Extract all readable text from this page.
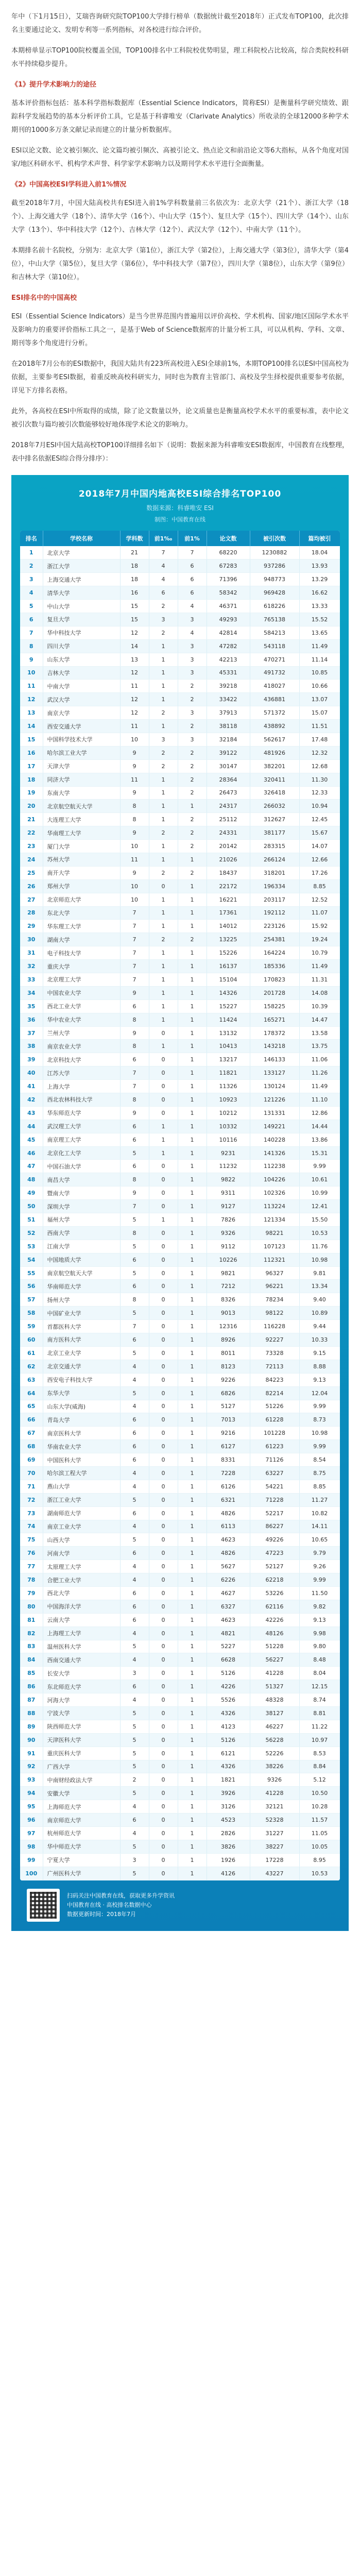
年中（下1月15日），艾瑞咨询研究院TOP100大学排行榜单（数据统计截至2018年）正式发布TOP100，此次排名主要通过论文、发明专利等一系列指标，对各校进行综合评价。

本期榜单显示TOP100院校覆盖全国，TOP100排名中工科院校优势明显，理工科院校占比较高，综合类院校科研水平持续稳步提升。

《1》提升学术影响力的途径

基本评价指标包括：基本科学指标数据库（Essential Science Indicators，简称ESI）是衡量科学研究绩效、跟踪科学发展趋势的基本分析评价工具，它是基于科睿唯安（Clarivate Analytics）所收录的全球12000多种学术期刊的1000多万条文献记录而建立的计量分析数据库。

ESI以论文数、论文被引频次、论文篇均被引频次、高被引论文、热点论文和前沿论文等6大指标，从各个角度对国家/地区科研水平、机构学术声誉、科学家学术影响力以及期刊学术水平进行全面衡量。

《2》中国高校ESI学科进入前1%情况

截至2018年7月，中国大陆高校共有ESI进入前1%学科数量前三名依次为：北京大学（21个）、浙江大学（18个）、上海交通大学（18个）、清华大学（16个）、中山大学（15个）、复旦大学（15个）、四川大学（14个）、山东大学（13个）、华中科技大学（12个）、吉林大学（12个）、武汉大学（12个）、中南大学（11个）。

本期排名前十名院校，分别为：北京大学（第1位），浙江大学（第2位），上海交通大学（第3位），清华大学（第4位），中山大学（第5位），复旦大学（第6位），华中科技大学（第7位），四川大学（第8位），山东大学（第9位）和吉林大学（第10位）。

ESI排名中的中国高校

ESI（Essential Science Indicators）是当今世界范围内普遍用以评价高校、学术机构、国家/地区国际学术水平及影响力的重要评价指标工具之一，是基于Web of Science数据库的计量分析工具，可以从机构、学科、文章、期刊等多个角度进行分析。

在2018年7月公布的ESI数据中，我国大陆共有223所高校进入ESI全球前1%，本期TOP100排名以ESI中国高校为依据，主要参考ESI数据，着重反映高校科研实力，同时也为教育主管部门、高校及学生择校提供重要参考依据，详见下方排名表格。

此外，各高校在ESI中所取得的成绩，除了论文数量以外，论文质量也是衡量高校学术水平的重要标准，表中论文被引次数与篇均被引次数能够较好地体现学术论文的影响力。

2018年7月ESI中国大陆高校TOP100详细排名如下（说明：数据来源为科睿唯安ESI数据库，中国教育在线整理，表中排名依据ESI综合得分排序）：

2018年7月中国内地高校ESI综合排名TOP100
数据来源：科睿唯安 ESI
制图：中国教育在线
排名	学校名称	学科数	前1‰	前1%	论文数	被引次数	篇均被引
1	北京大学	21	7	7	68220	1230882	18.04
2	浙江大学	18	4	6	67283	937286	13.93
3	上海交通大学	18	4	6	71396	948773	13.29
4	清华大学	16	6	6	58342	969428	16.62
5	中山大学	15	2	4	46371	618226	13.33
6	复旦大学	15	3	3	49293	765138	15.52
7	华中科技大学	12	2	4	42814	584213	13.65
8	四川大学	14	1	3	47282	543118	11.49
9	山东大学	13	1	3	42213	470271	11.14
10	吉林大学	12	1	3	45331	491732	10.85
11	中南大学	11	1	2	39218	418027	10.66
12	武汉大学	12	1	2	33422	436881	13.07
13	南京大学	12	2	3	37913	571372	15.07
14	西安交通大学	11	1	2	38118	438892	11.51
15	中国科学技术大学	10	3	3	32184	562617	17.48
16	哈尔滨工业大学	9	2	2	39122	481926	12.32
17	天津大学	9	2	2	30147	382201	12.68
18	同济大学	11	1	2	28364	320411	11.30
19	东南大学	9	1	2	26473	326418	12.33
20	北京航空航天大学	8	1	1	24317	266032	10.94
21	大连理工大学	8	1	2	25112	312627	12.45
22	华南理工大学	9	2	2	24331	381177	15.67
23	厦门大学	10	1	2	20142	283315	14.07
24	苏州大学	11	1	1	21026	266124	12.66
25	南开大学	9	2	2	18437	318201	17.26
26	郑州大学	10	0	1	22172	196334	8.85
27	北京师范大学	10	1	1	16221	203117	12.52
28	东北大学	7	1	1	17361	192112	11.07
29	华东理工大学	7	1	1	14012	223126	15.92
30	湖南大学	7	2	2	13225	254381	19.24
31	电子科技大学	7	1	1	15226	164224	10.79
32	重庆大学	7	1	1	16137	185336	11.49
33	北京理工大学	7	1	1	15104	170823	11.31
34	中国农业大学	9	1	1	14326	201728	14.08
35	西北工业大学	6	1	1	15227	158225	10.39
36	华中农业大学	8	1	1	11424	165271	14.47
37	兰州大学	9	0	1	13132	178372	13.58
38	南京农业大学	8	1	1	10413	143218	13.75
39	北京科技大学	6	0	1	13217	146133	11.06
40	江苏大学	7	0	1	11821	133127	11.26
41	上海大学	7	0	1	11326	130124	11.49
42	西北农林科技大学	8	0	1	10923	121226	11.10
43	华东师范大学	9	0	1	10212	131331	12.86
44	武汉理工大学	6	1	1	10332	149221	14.44
45	南京理工大学	6	1	1	10116	140228	13.86
46	北京化工大学	5	1	1	9231	141326	15.31
47	中国石油大学	6	0	1	11232	112238	9.99
48	南昌大学	8	0	1	9822	104226	10.61
49	暨南大学	9	0	1	9311	102326	10.99
50	深圳大学	7	0	1	9127	113224	12.41
51	福州大学	5	1	1	7826	121334	15.50
52	西南大学	8	0	1	9326	98221	10.53
53	江南大学	5	0	1	9112	107123	11.76
54	中国地质大学	6	0	1	10226	112321	10.98
55	南京航空航天大学	5	0	1	9821	96327	9.81
56	华南师范大学	6	0	1	7212	96221	13.34
57	扬州大学	8	0	1	8326	78234	9.40
58	中国矿业大学	5	0	1	9013	98122	10.89
59	首都医科大学	7	0	1	12316	116228	9.44
60	南方医科大学	6	0	1	8926	92227	10.33
61	北京工业大学	5	0	1	8011	73328	9.15
62	北京交通大学	4	0	1	8123	72113	8.88
63	西安电子科技大学	4	0	1	9226	84223	9.13
64	东华大学	5	0	1	6826	82214	12.04
65	山东大学(威海)	4	0	1	5127	51226	9.99
66	青岛大学	6	0	1	7013	61228	8.73
67	南京医科大学	6	0	1	9216	101228	10.98
68	华南农业大学	6	0	1	6127	61223	9.99
69	中国医科大学	6	0	1	8331	71126	8.54
70	哈尔滨工程大学	4	0	1	7228	63227	8.75
71	燕山大学	4	0	1	6126	54221	8.85
72	浙江工业大学	5	0	1	6321	71228	11.27
73	湖南师范大学	6	0	1	4826	52217	10.82
74	南京工业大学	4	0	1	6113	86227	14.11
75	山西大学	5	0	1	4623	49226	10.65
76	河南大学	6	0	1	4826	47223	9.79
77	太原理工大学	4	0	1	5627	52127	9.26
78	合肥工业大学	4	0	1	6226	62218	9.99
79	西北大学	6	0	1	4627	53226	11.50
80	中国海洋大学	6	0	1	6327	62116	9.82
81	云南大学	6	0	1	4623	42226	9.13
82	上海理工大学	4	0	1	4821	48126	9.98
83	温州医科大学	5	0	1	5227	51228	9.80
84	西南交通大学	4	0	1	6628	56227	8.48
85	长安大学	3	0	1	5126	41228	8.04
86	东北师范大学	6	0	1	4226	51327	12.15
87	河海大学	4	0	1	5526	48328	8.74
88	宁波大学	5	0	1	4326	38127	8.81
89	陕西师范大学	5	0	1	4123	46227	11.22
90	天津医科大学	5	0	1	5126	56228	10.97
91	重庆医科大学	5	0	1	6121	52226	8.53
92	广西大学	5	0	1	4326	38226	8.84
93	中南财经政法大学	2	0	1	1821	9326	5.12
94	安徽大学	5	0	1	3926	41228	10.50
95	上海师范大学	4	0	1	3126	32121	10.28
96	南京师范大学	6	0	1	4523	52328	11.57
97	杭州师范大学	4	0	1	2826	31227	11.05
98	华中师范大学	5	0	1	3826	38227	10.05
99	宁夏大学	3	0	1	1926	17228	8.95
100	广州医科大学	5	0	1	4126	43227	10.53
扫码关注中国教育在线，获取更多升学资讯
中国教育在线 · 高校排名数据中心
数据更新时间：2018年7月
